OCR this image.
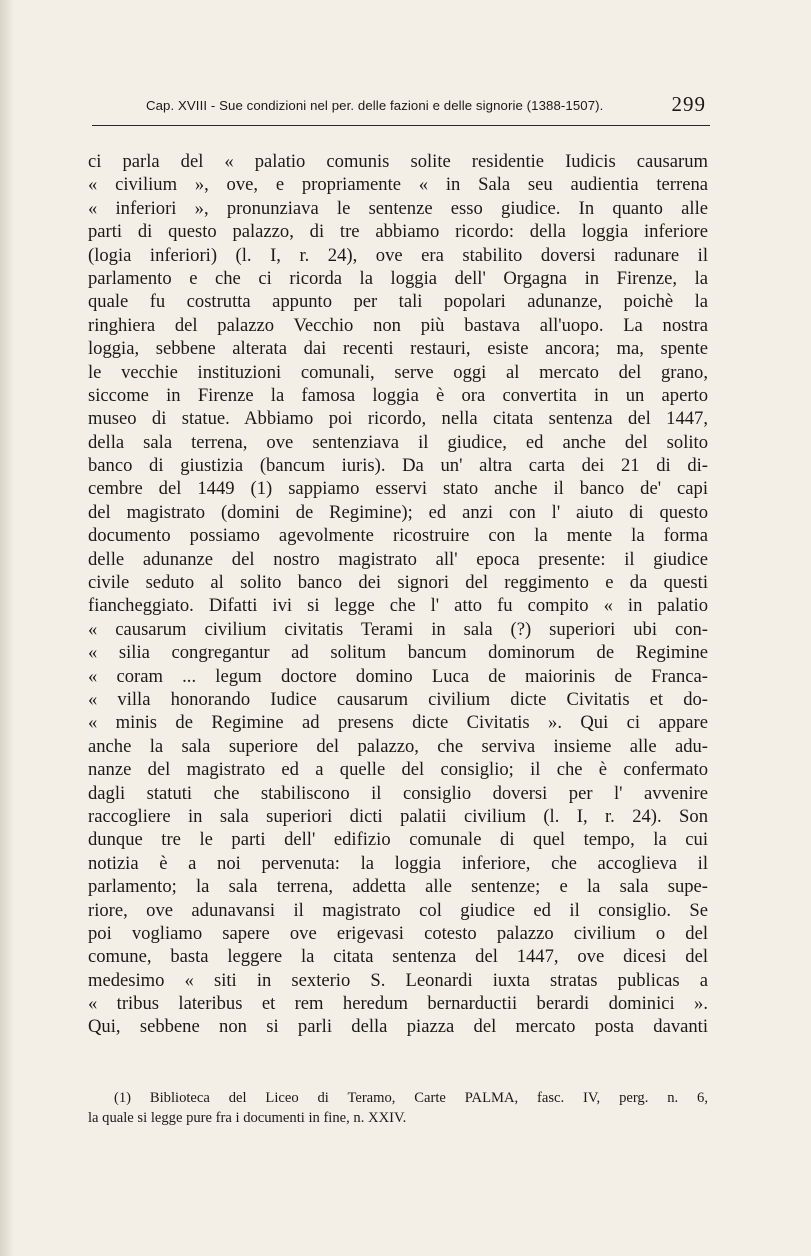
Cap. XVIII - Sue condizioni nel per. delle fazioni e delle signorie (1388-1507).	299
ci parla del « palatio comunis solite residentie Iudicis causarum
« civilium », ove, e propriamente « in Sala seu audientia terrena
« inferiori », pronunziava le sentenze esso giudice. In quanto alle
parti di questo palazzo, di tre abbiamo ricordo: della loggia inferiore
(logia inferiori) (l. I, r. 24), ove era stabilito doversi radunare il
parlamento e che ci ricorda la loggia dell' Orgagna in Firenze, la
quale fu costrutta appunto per tali popolari adunanze, poichè la
ringhiera del palazzo Vecchio non più bastava all'uopo. La nostra
loggia, sebbene alterata dai recenti restauri, esiste ancora; ma, spente
le vecchie instituzioni comunali, serve oggi al mercato del grano,
siccome in Firenze la famosa loggia è ora convertita in un aperto
museo di statue. Abbiamo poi ricordo, nella citata sentenza del 1447,
della sala terrena, ove sentenziava il giudice, ed anche del solito
banco di giustizia (bancum iuris). Da un' altra carta dei 21 di di-
cembre del 1449 (1) sappiamo esservi stato anche il banco de' capi
del magistrato (domini de Regimine); ed anzi con l' aiuto di questo
documento possiamo agevolmente ricostruire con la mente la forma
delle adunanze del nostro magistrato all' epoca presente: il giudice
civile seduto al solito banco dei signori del reggimento e da questi
fiancheggiato. Difatti ivi si legge che l' atto fu compito « in palatio
« causarum civilium civitatis Terami in sala (?) superiori ubi con-
« silia congregantur ad solitum bancum dominorum de Regimine
« coram ... legum doctore domino Luca de maiorinis de Franca-
« villa honorando Iudice causarum civilium dicte Civitatis et do-
« minis de Regimine ad presens dicte Civitatis ». Qui ci appare
anche la sala superiore del palazzo, che serviva insieme alle adu-
nanze del magistrato ed a quelle del consiglio; il che è confermato
dagli statuti che stabiliscono il consiglio doversi per l' avvenire
raccogliere in sala superiori dicti palatii civilium (l. I, r. 24). Son
dunque tre le parti dell' edifizio comunale di quel tempo, la cui
notizia è a noi pervenuta: la loggia inferiore, che accoglieva il
parlamento; la sala terrena, addetta alle sentenze; e la sala supe-
riore, ove adunavansi il magistrato col giudice ed il consiglio. Se
poi vogliamo sapere ove erigevasi cotesto palazzo civilium o del
comune, basta leggere la citata sentenza del 1447, ove dicesi del
medesimo « siti in sexterio S. Leonardi iuxta stratas publicas a
« tribus lateribus et rem heredum bernarductii berardi dominici ».
Qui, sebbene non si parli della piazza del mercato posta davanti
(1) Biblioteca del Liceo di Teramo, Carte PALMA, fasc. IV, perg. n. 6,
la quale si legge pure fra i documenti in fine, n. XXIV.
